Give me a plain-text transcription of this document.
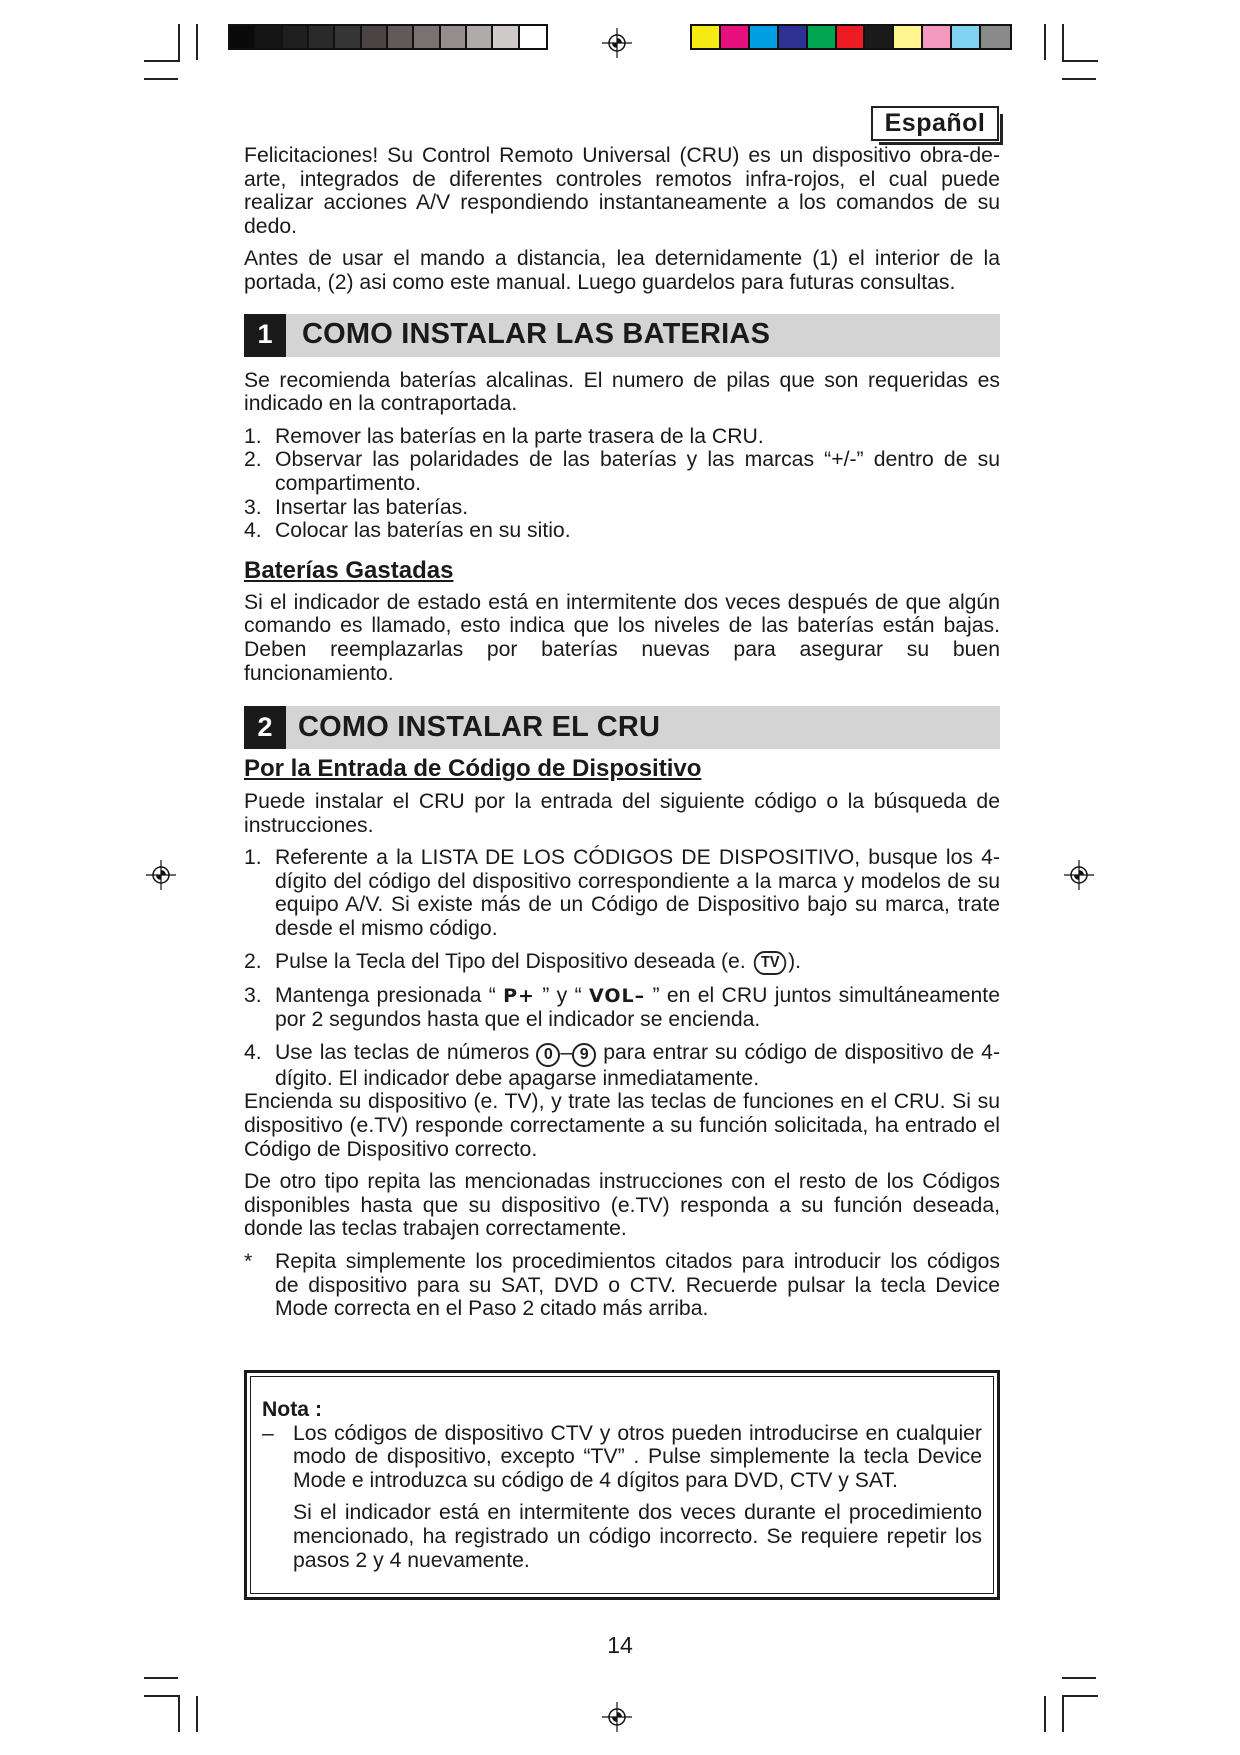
Español

Felicitaciones! Su Control Remoto Universal (CRU) es un dispositivo obra-de-arte, integrados de diferentes controles remotos infra-rojos, el cual puede realizar acciones A/V respondiendo instantaneamente a los comandos de su dedo.

Antes de usar el mando a distancia, lea deternidamente (1) el interior de la portada, (2) asi como este manual. Luego guardelos para futuras consultas.

1	COMO INSTALAR LAS BATERIAS

Se recomienda baterías alcalinas. El numero de pilas que son requeridas es indicado en la contraportada.

1. Remover las baterías en la parte trasera de la CRU.
2. Observar las polaridades de las baterías y las marcas “+/-” dentro de su compartimento.
3. Insertar las baterías.
4. Colocar las baterías en su sitio.
Baterías Gastadas

Si el indicador de estado está en intermitente dos veces después de que algún comando es llamado, esto indica que los niveles de las baterías están bajas. Deben reemplazarlas por baterías nuevas para asegurar su buen funcionamiento.

2 COMO INSTALAR EL CRU
Por la Entrada de Código de Dispositivo

Puede instalar el CRU por la entrada del siguiente código o la búsqueda de instrucciones.

1. Referente a la LISTA DE LOS CÓDIGOS DE DISPOSITIVO, busque los 4-dígito del código del dispositivo correspondiente a la marca y modelos de su equipo A/V. Si existe más de un Código de Dispositivo bajo su marca, trate desde el mismo código.
2. Pulse la Tecla del Tipo del Dispositivo deseada (e. TV ).
3. Mantenga presionada “ P+ ” y “ VOL– ” en el CRU juntos simultáneamente por 2 segundos hasta que el indicador se encienda.
4. Use las teclas de números 0 – 9 para entrar su código de dispositivo de 4-dígito. El indicador debe apagarse inmediatamente.

Encienda su dispositivo (e. TV), y trate las teclas de funciones en el CRU. Si su dispositivo (e.TV) responde correctamente a su función solicitada, ha entrado el Código de Dispositivo correcto.

De otro tipo repita las mencionadas instrucciones con el resto de los Códigos disponibles hasta que su dispositivo (e.TV) responda a su función deseada, donde las teclas trabajen correctamente.

*	Repita simplemente los procedimientos citados para introducir los códigos de dispositivo para su SAT, DVD o CTV. Recuerde pulsar la tecla Device Mode correcta en el Paso 2 citado más arriba.
Nota :
– Los códigos de dispositivo CTV y otros pueden introducirse en cualquier modo de dispositivo, excepto “TV” . Pulse simplemente la tecla Device Mode e introduzca su código de 4 dígitos para DVD, CTV y SAT.
Si el indicador está en intermitente dos veces durante el procedimiento mencionado, ha registrado un código incorrecto. Se requiere repetir los pasos 2 y 4 nuevamente.
14
